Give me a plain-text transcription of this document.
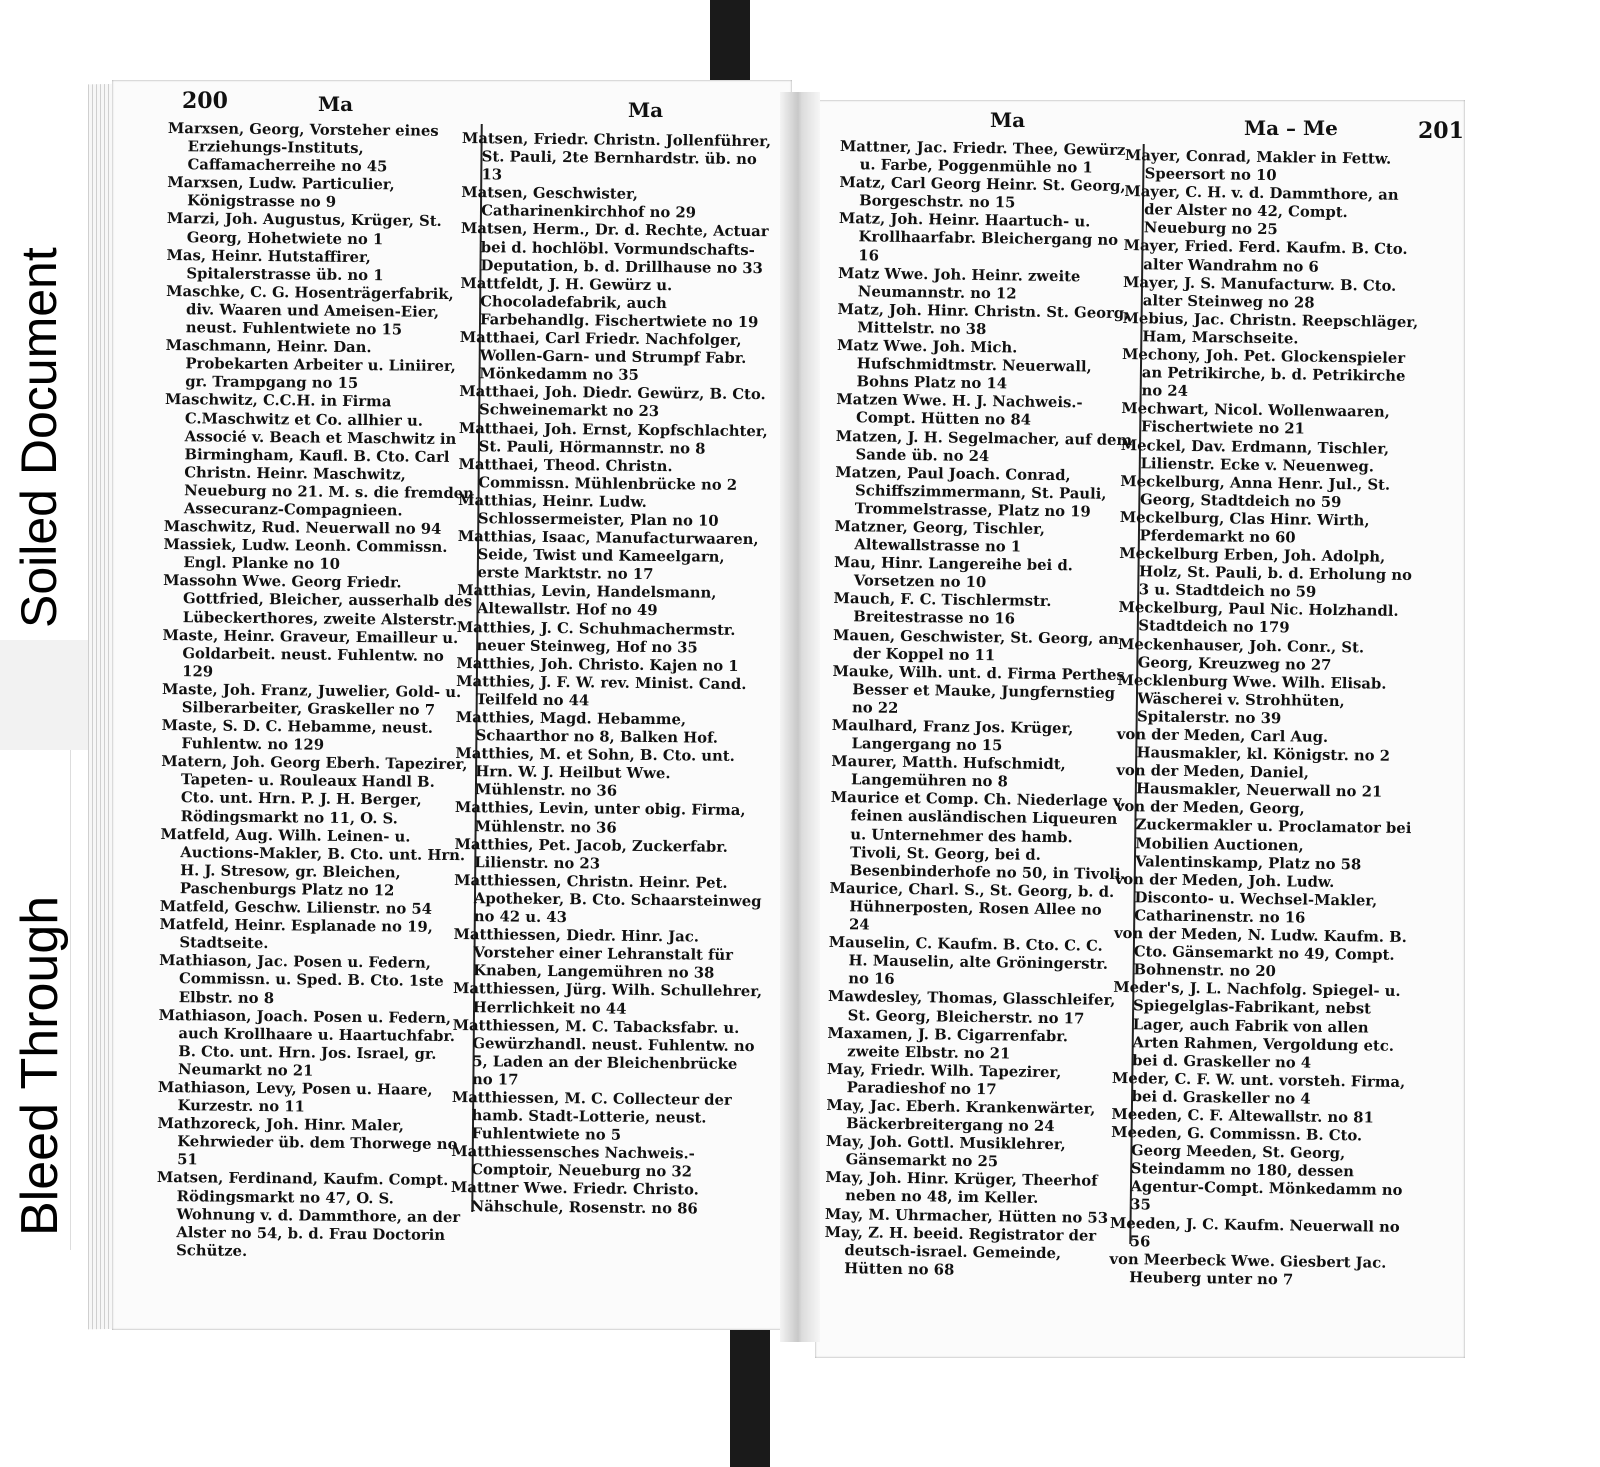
Soiled Document
Bleed Through
200	Ma	Ma	Ma	Ma – Me	201

Marxsen, Georg, Vorsteher eines Erziehungs-Instituts, Caffamacherreihe no 45

Marxsen, Ludw. Particulier, Königstrasse no 9

Marzi, Joh. Augustus, Krüger, St. Georg, Hohetwiete no 1

Mas, Heinr. Hutstaffirer, Spitalerstrasse üb. no 1

Maschke, C. G. Hosenträgerfabrik, div. Waaren und Ameisen-Eier, neust. Fuhlentwiete no 15

Maschmann, Heinr. Dan. Probekarten Arbeiter u. Liniirer, gr. Trampgang no 15

Maschwitz, C.C.H. in Firma C.Maschwitz et Co. allhier u. Associé v. Beach et Maschwitz in Birmingham, Kaufl. B. Cto. Carl Christn. Heinr. Maschwitz, Neueburg no 21. M. s. die fremden Assecuranz-Compagnieen.

Maschwitz, Rud. Neuerwall no 94

Massiek, Ludw. Leonh. Commissn. Engl. Planke no 10

Massohn Wwe. Georg Friedr. Gottfried, Bleicher, ausserhalb des Lübeckerthores, zweite Alsterstr.

Maste, Heinr. Graveur, Emailleur u. Goldarbeit. neust. Fuhlentw. no 129

Maste, Joh. Franz, Juwelier, Gold- u. Silberarbeiter, Graskeller no 7

Maste, S. D. C. Hebamme, neust. Fuhlentw. no 129

Matern, Joh. Georg Eberh. Tapezirer, Tapeten- u. Rouleaux Handl B. Cto. unt. Hrn. P. J. H. Berger, Rödingsmarkt no 11, O. S.

Matfeld, Aug. Wilh. Leinen- u. Auctions-Makler, B. Cto. unt. Hrn. H. J. Stresow, gr. Bleichen, Paschenburgs Platz no 12

Matfeld, Geschw. Lilienstr. no 54

Matfeld, Heinr. Esplanade no 19, Stadtseite.

Mathiason, Jac. Posen u. Federn, Commissn. u. Sped. B. Cto. 1ste Elbstr. no 8

Mathiason, Joach. Posen u. Federn, auch Krollhaare u. Haartuchfabr. B. Cto. unt. Hrn. Jos. Israel, gr. Neumarkt no 21

Mathiason, Levy, Posen u. Haare, Kurzestr. no 11

Mathzoreck, Joh. Hinr. Maler, Kehrwieder üb. dem Thorwege no 51

Matsen, Ferdinand, Kaufm. Compt. Rödingsmarkt no 47, O. S. Wohnung v. d. Dammthore, an der Alster no 54, b. d. Frau Doctorin Schütze.

Matsen, Friedr. Christn. Jollenführer, St. Pauli, 2te Bernhardstr. üb. no 13

Matsen, Geschwister, Catharinenkirchhof no 29

Matsen, Herm., Dr. d. Rechte, Actuar bei d. hochlöbl. Vormundschafts-Deputation, b. d. Drillhause no 33

Mattfeldt, J. H. Gewürz u. Chocoladefabrik, auch Farbehandlg. Fischertwiete no 19

Matthaei, Carl Friedr. Nachfolger, Wollen-Garn- und Strumpf Fabr. Mönkedamm no 35

Matthaei, Joh. Diedr. Gewürz, B. Cto. Schweinemarkt no 23

Matthaei, Joh. Ernst, Kopfschlachter, St. Pauli, Hörmannstr. no 8

Matthaei, Theod. Christn. Commissn. Mühlenbrücke no 2

Matthias, Heinr. Ludw. Schlossermeister, Plan no 10

Matthias, Isaac, Manufacturwaaren, Seide, Twist und Kameelgarn, erste Marktstr. no 17

Matthias, Levin, Handelsmann, Altewallstr. Hof no 49

Matthies, J. C. Schuhmachermstr. neuer Steinweg, Hof no 35

Matthies, Joh. Christo. Kajen no 1

Matthies, J. F. W. rev. Minist. Cand. Teilfeld no 44

Matthies, Magd. Hebamme, Schaarthor no 8, Balken Hof.

Matthies, M. et Sohn, B. Cto. unt. Hrn. W. J. Heilbut Wwe. Mühlenstr. no 36

Matthies, Levin, unter obig. Firma, Mühlenstr. no 36

Matthies, Pet. Jacob, Zuckerfabr. Lilienstr. no 23

Matthiessen, Christn. Heinr. Pet. Apotheker, B. Cto. Schaarsteinweg no 42 u. 43

Matthiessen, Diedr. Hinr. Jac. Vorsteher einer Lehranstalt für Knaben, Langemühren no 38

Matthiessen, Jürg. Wilh. Schullehrer, Herrlichkeit no 44

Matthiessen, M. C. Tabacksfabr. u. Gewürzhandl. neust. Fuhlentw. no 5, Laden an der Bleichenbrücke no 17

Matthiessen, M. C. Collecteur der hamb. Stadt-Lotterie, neust. Fuhlentwiete no 5

Matthiessensches Nachweis.-Comptoir, Neueburg no 32

Mattner Wwe. Friedr. Christo. Nähschule, Rosenstr. no 86

Mattner, Jac. Friedr. Thee, Gewürz u. Farbe, Poggenmühle no 1

Matz, Carl Georg Heinr. St. Georg, Borgeschstr. no 15

Matz, Joh. Heinr. Haartuch- u. Krollhaarfabr. Bleichergang no 16

Matz Wwe. Joh. Heinr. zweite Neumannstr. no 12

Matz, Joh. Hinr. Christn. St. Georg, Mittelstr. no 38

Matz Wwe. Joh. Mich. Hufschmidtmstr. Neuerwall, Bohns Platz no 14

Matzen Wwe. H. J. Nachweis.-Compt. Hütten no 84

Matzen, J. H. Segelmacher, auf dem Sande üb. no 24

Matzen, Paul Joach. Conrad, Schiffszimmermann, St. Pauli, Trommelstrasse, Platz no 19

Matzner, Georg, Tischler, Altewallstrasse no 1

Mau, Hinr. Langereihe bei d. Vorsetzen no 10

Mauch, F. C. Tischlermstr. Breitestrasse no 16

Mauen, Geschwister, St. Georg, an der Koppel no 11

Mauke, Wilh. unt. d. Firma Perthes Besser et Mauke, Jungfernstieg no 22

Maulhard, Franz Jos. Krüger, Langergang no 15

Maurer, Matth. Hufschmidt, Langemühren no 8

Maurice et Comp. Ch. Niederlage v. feinen ausländischen Liqueuren u. Unternehmer des hamb. Tivoli, St. Georg, bei d. Besenbinderhofe no 50, in Tivoli.

Maurice, Charl. S., St. Georg, b. d. Hühnerposten, Rosen Allee no 24

Mauselin, C. Kaufm. B. Cto. C. C. H. Mauselin, alte Gröningerstr. no 16

Mawdesley, Thomas, Glasschleifer, St. Georg, Bleicherstr. no 17

Maxamen, J. B. Cigarrenfabr. zweite Elbstr. no 21

May, Friedr. Wilh. Tapezirer, Paradieshof no 17

May, Jac. Eberh. Krankenwärter, Bäckerbreitergang no 24

May, Joh. Gottl. Musiklehrer, Gänsemarkt no 25

May, Joh. Hinr. Krüger, Theerhof neben no 48, im Keller.

May, M. Uhrmacher, Hütten no 53

May, Z. H. beeid. Registrator der deutsch-israel. Gemeinde, Hütten no 68

Mayer, Conrad, Makler in Fettw. Speersort no 10

Mayer, C. H. v. d. Dammthore, an der Alster no 42, Compt. Neueburg no 25

Mayer, Fried. Ferd. Kaufm. B. Cto. alter Wandrahm no 6

Mayer, J. S. Manufacturw. B. Cto. alter Steinweg no 28

Mebius, Jac. Christn. Reepschläger, Ham, Marschseite.

Mechony, Joh. Pet. Glockenspieler an Petrikirche, b. d. Petrikirche no 24

Mechwart, Nicol. Wollenwaaren, Fischertwiete no 21

Meckel, Dav. Erdmann, Tischler, Lilienstr. Ecke v. Neuenweg.

Meckelburg, Anna Henr. Jul., St. Georg, Stadtdeich no 59

Meckelburg, Clas Hinr. Wirth, Pferdemarkt no 60

Meckelburg Erben, Joh. Adolph, Holz, St. Pauli, b. d. Erholung no 3 u. Stadtdeich no 59

Meckelburg, Paul Nic. Holzhandl. Stadtdeich no 179

Meckenhauser, Joh. Conr., St. Georg, Kreuzweg no 27

Mecklenburg Wwe. Wilh. Elisab. Wäscherei v. Strohhüten, Spitalerstr. no 39

von der Meden, Carl Aug. Hausmakler, kl. Königstr. no 2

von der Meden, Daniel, Hausmakler, Neuerwall no 21

von der Meden, Georg, Zuckermakler u. Proclamator bei Mobilien Auctionen, Valentinskamp, Platz no 58

von der Meden, Joh. Ludw. Disconto- u. Wechsel-Makler, Catharinenstr. no 16

von der Meden, N. Ludw. Kaufm. B. Cto. Gänsemarkt no 49, Compt. Bohnenstr. no 20

Meder's, J. L. Nachfolg. Spiegel- u. Spiegelglas-Fabrikant, nebst Lager, auch Fabrik von allen Arten Rahmen, Vergoldung etc. bei d. Graskeller no 4

Meder, C. F. W. unt. vorsteh. Firma, bei d. Graskeller no 4

Meeden, C. F. Altewallstr. no 81

Meeden, G. Commissn. B. Cto. Georg Meeden, St. Georg, Steindamm no 180, dessen Agentur-Compt. Mönkedamm no 35

Meeden, J. C. Kaufm. Neuerwall no 56

von Meerbeck Wwe. Giesbert Jac. Heuberg unter no 7
